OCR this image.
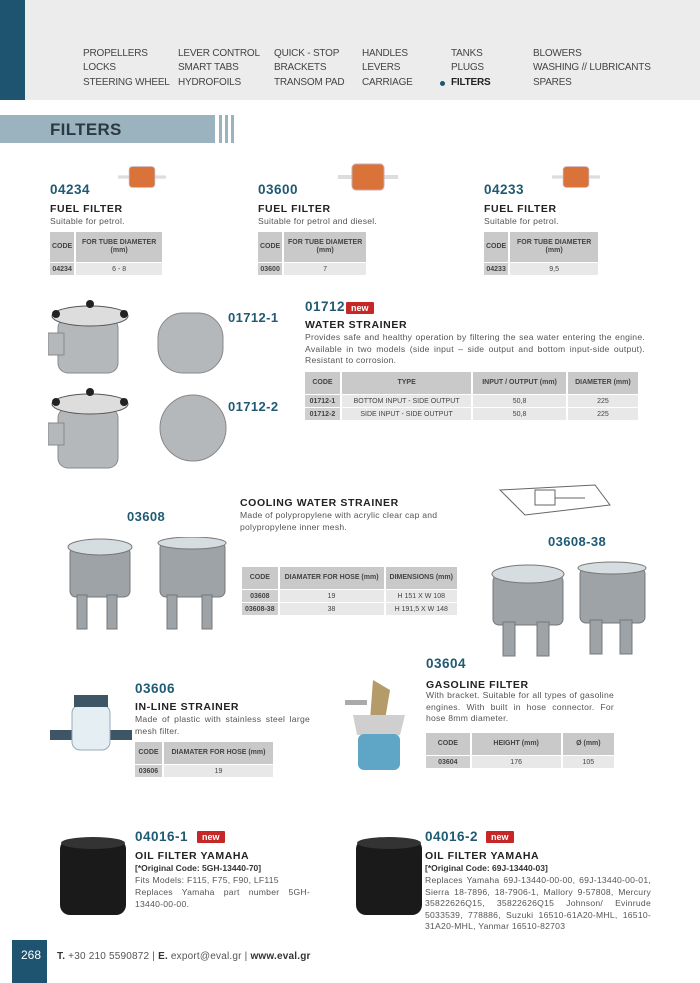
PROPELLERS
LOCKS
STEERING WHEEL
LEVER CONTROL
SMART TABS
HYDROFOILS
QUICK - STOP
BRACKETS
TRANSOM PAD
HANDLES
LEVERS
CARRIAGE
TANKS
PLUGS
FILTERS
BLOWERS
WASHING // LUBRICANTS
SPARES
FILTERS
04234
FUEL FILTER
Suitable for petrol.
CODE	FOR TUBE DIAMETER (mm)
04234	6 - 8
03600
FUEL FILTER
Suitable for petrol and diesel.
CODE	FOR TUBE DIAMETER (mm)
03600	7
04233
FUEL FILTER
Suitable for petrol.
CODE	FOR TUBE DIAMETER (mm)
04233	9,5
01712-1
01712-2
01712 new
WATER STRAINER
Provides safe and healthy operation by filtering the sea water entering the engine. Available in two models (side input – side output and bottom input-side output). Resistant to corrosion.
CODE	TYPE	INPUT / OUTPUT (mm)	DIAMETER (mm)
01712-1	BOTTOM INPUT - SIDE OUTPUT	50,8	225
01712-2	SIDE INPUT - SIDE OUTPUT	50,8	225
03608
03608-38
COOLING WATER STRAINER
Made of polypropylene with acrylic clear cap and polypropylene inner mesh.
CODE	DIAMATER FOR HOSE (mm)	DIMENSIONS (mm)
03608	19	H 151 X W 108
03608-38	38	H 191,5 X W 148
03606
IN-LINE STRAINER
Made of plastic with stainless steel large mesh filter.
CODE	DIAMATER FOR HOSE (mm)
03606	19
03604
GASOLINE FILTER
With bracket. Suitable for all types of gasoline engines. With built in hose connector. For hose 8mm diameter.
CODE	HEIGHT (mm)	Ø (mm)
03604	176	105
04016-1	new
OIL FILTER YAMAHA
[*Original Code: 5GH-13440-70]
Fits Models: F115, F75, F90, LF115
Replaces Yamaha part number 5GH-13440-00-00.
04016-2	new
OIL FILTER YAMAHA
[*Original Code: 69J-13440-03]
Replaces Yamaha 69J-13440-00-00, 69J-13440-00-01, Sierra 18-7896, 18-7906-1, Mallory 9-57808, Mercury 35822626Q15, 35822626Q15 Johnson/ Evinrude 5033539, 778886, Suzuki 16510-61A20-MHL, 16510-31A20-MHL, Yanmar 16510-82703
268	T. +30 210 5590872 | E. export@eval.gr | www.eval.gr
